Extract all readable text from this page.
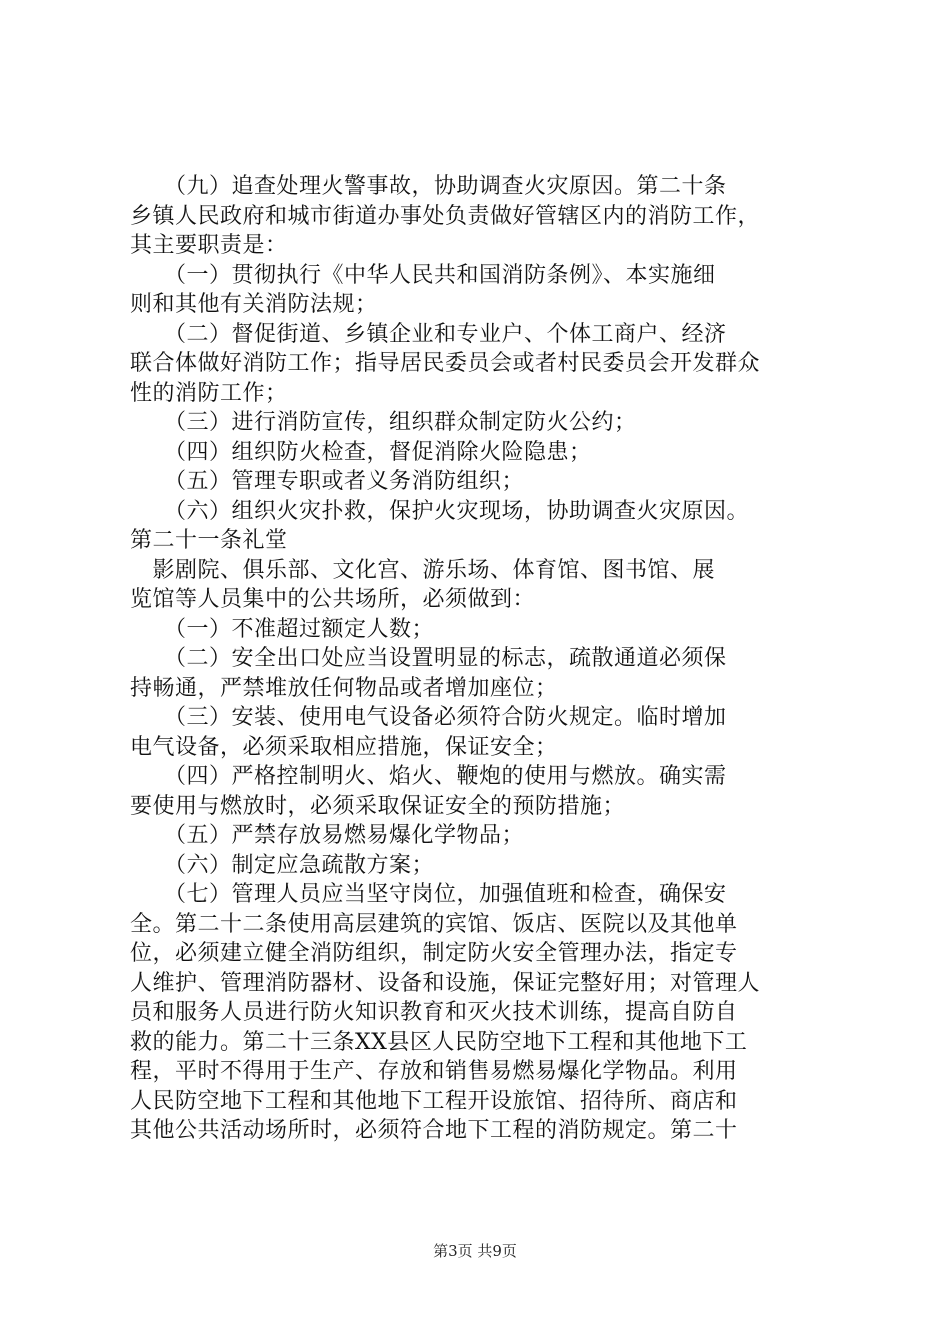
　　（九）追查处理火警事故，协助调查火灾原因。第二十条
乡镇人民政府和城市街道办事处负责做好管辖区内的消防工作，
其主要职责是：
　　（一）贯彻执行《中华人民共和国消防条例》、本实施细
则和其他有关消防法规；
　　（二）督促街道、乡镇企业和专业户、个体工商户、经济
联合体做好消防工作；指导居民委员会或者村民委员会开发群众
性的消防工作；
　　（三）进行消防宣传，组织群众制定防火公约；
　　（四）组织防火检查，督促消除火险隐患；
　　（五）管理专职或者义务消防组织；
　　（六）组织火灾扑救，保护火灾现场，协助调查火灾原因。
第二十一条礼堂
　影剧院、俱乐部、文化宫、游乐场、体育馆、图书馆、展
览馆等人员集中的公共场所，必须做到：
　　（一）不准超过额定人数；
　　（二）安全出口处应当设置明显的标志，疏散通道必须保
持畅通，严禁堆放任何物品或者增加座位；
　　（三）安装、使用电气设备必须符合防火规定。临时增加
电气设备，必须采取相应措施，保证安全；
　　（四）严格控制明火、焰火、鞭炮的使用与燃放。确实需
要使用与燃放时，必须采取保证安全的预防措施；
　　（五）严禁存放易燃易爆化学物品；
　　（六）制定应急疏散方案；
　　（七）管理人员应当坚守岗位，加强值班和检查，确保安
全。第二十二条使用高层建筑的宾馆、饭店、医院以及其他单
位，必须建立健全消防组织，制定防火安全管理办法，指定专
人维护、管理消防器材、设备和设施，保证完整好用；对管理人
员和服务人员进行防火知识教育和灭火技术训练，提高自防自
救的能力。第二十三条XX县区人民防空地下工程和其他地下工
程，平时不得用于生产、存放和销售易燃易爆化学物品。利用
人民防空地下工程和其他地下工程开设旅馆、招待所、商店和
其他公共活动场所时，必须符合地下工程的消防规定。第二十
第3页 共9页
